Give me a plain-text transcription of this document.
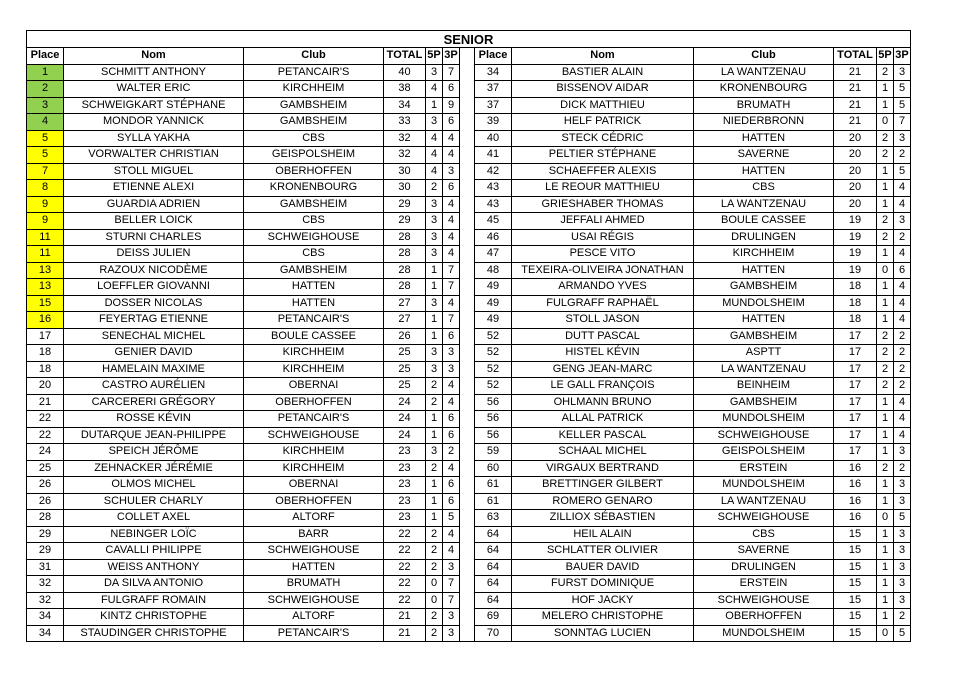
SENIOR												
Place	Nom	Club	TOTAL	5P	3P		Place	Nom	Club	TOTAL	5P	3P
1	SCHMITT ANTHONY	PETANCAIR'S	40	3	7		34	BASTIER ALAIN	LA WANTZENAU	21	2	3
2	WALTER ERIC	KIRCHHEIM	38	4	6		37	BISSENOV AIDAR	KRONENBOURG	21	1	5
3	SCHWEIGKART STÉPHANE	GAMBSHEIM	34	1	9		37	DICK MATTHIEU	BRUMATH	21	1	5
4	MONDOR YANNICK	GAMBSHEIM	33	3	6		39	HELF PATRICK	NIEDERBRONN	21	0	7
5	SYLLA YAKHA	CBS	32	4	4		40	STECK CÉDRIC	HATTEN	20	2	3
5	VORWALTER CHRISTIAN	GEISPOLSHEIM	32	4	4		41	PELTIER STÉPHANE	SAVERNE	20	2	2
7	STOLL MIGUEL	OBERHOFFEN	30	4	3		42	SCHAEFFER ALEXIS	HATTEN	20	1	5
8	ETIENNE ALEXI	KRONENBOURG	30	2	6		43	LE REOUR MATTHIEU	CBS	20	1	4
9	GUARDIA ADRIEN	GAMBSHEIM	29	3	4		43	GRIESHABER THOMAS	LA WANTZENAU	20	1	4
9	BELLER LOICK	CBS	29	3	4		45	JEFFALI AHMED	BOULE CASSEE	19	2	3
11	STURNI CHARLES	SCHWEIGHOUSE	28	3	4		46	USAI RÉGIS	DRULINGEN	19	2	2
11	DEISS JULIEN	CBS	28	3	4		47	PESCE VITO	KIRCHHEIM	19	1	4
13	RAZOUX NICODÈME	GAMBSHEIM	28	1	7		48	TEXEIRA-OLIVEIRA JONATHAN	HATTEN	19	0	6
13	LOEFFLER GIOVANNI	HATTEN	28	1	7		49	ARMANDO YVES	GAMBSHEIM	18	1	4
15	DOSSER NICOLAS	HATTEN	27	3	4		49	FULGRAFF RAPHAËL	MUNDOLSHEIM	18	1	4
16	FEYERTAG ETIENNE	PETANCAIR'S	27	1	7		49	STOLL JASON	HATTEN	18	1	4
17	SENECHAL MICHEL	BOULE CASSEE	26	1	6		52	DUTT PASCAL	GAMBSHEIM	17	2	2
18	GENIER DAVID	KIRCHHEIM	25	3	3		52	HISTEL KÉVIN	ASPTT	17	2	2
18	HAMELAIN MAXIME	KIRCHHEIM	25	3	3		52	GENG JEAN-MARC	LA WANTZENAU	17	2	2
20	CASTRO AURÉLIEN	OBERNAI	25	2	4		52	LE GALL FRANÇOIS	BEINHEIM	17	2	2
21	CARCERERI GRÉGORY	OBERHOFFEN	24	2	4		56	OHLMANN BRUNO	GAMBSHEIM	17	1	4
22	ROSSE KÉVIN	PETANCAIR'S	24	1	6		56	ALLAL PATRICK	MUNDOLSHEIM	17	1	4
22	DUTARQUE JEAN-PHILIPPE	SCHWEIGHOUSE	24	1	6		56	KELLER PASCAL	SCHWEIGHOUSE	17	1	4
24	SPEICH JÉRÔME	KIRCHHEIM	23	3	2		59	SCHAAL MICHEL	GEISPOLSHEIM	17	1	3
25	ZEHNACKER JÉRÉMIE	KIRCHHEIM	23	2	4		60	VIRGAUX BERTRAND	ERSTEIN	16	2	2
26	OLMOS MICHEL	OBERNAI	23	1	6		61	BRETTINGER GILBERT	MUNDOLSHEIM	16	1	3
26	SCHULER CHARLY	OBERHOFFEN	23	1	6		61	ROMERO GENARO	LA WANTZENAU	16	1	3
28	COLLET AXEL	ALTORF	23	1	5		63	ZILLIOX SÉBASTIEN	SCHWEIGHOUSE	16	0	5
29	NEBINGER LOÏC	BARR	22	2	4		64	HEIL ALAIN	CBS	15	1	3
29	CAVALLI PHILIPPE	SCHWEIGHOUSE	22	2	4		64	SCHLATTER OLIVIER	SAVERNE	15	1	3
31	WEISS ANTHONY	HATTEN	22	2	3		64	BAUER DAVID	DRULINGEN	15	1	3
32	DA SILVA ANTONIO	BRUMATH	22	0	7		64	FURST DOMINIQUE	ERSTEIN	15	1	3
32	FULGRAFF ROMAIN	SCHWEIGHOUSE	22	0	7		64	HOF JACKY	SCHWEIGHOUSE	15	1	3
34	KINTZ CHRISTOPHE	ALTORF	21	2	3		69	MELERO CHRISTOPHE	OBERHOFFEN	15	1	2
34	STAUDINGER CHRISTOPHE	PETANCAIR'S	21	2	3		70	SONNTAG LUCIEN	MUNDOLSHEIM	15	0	5
